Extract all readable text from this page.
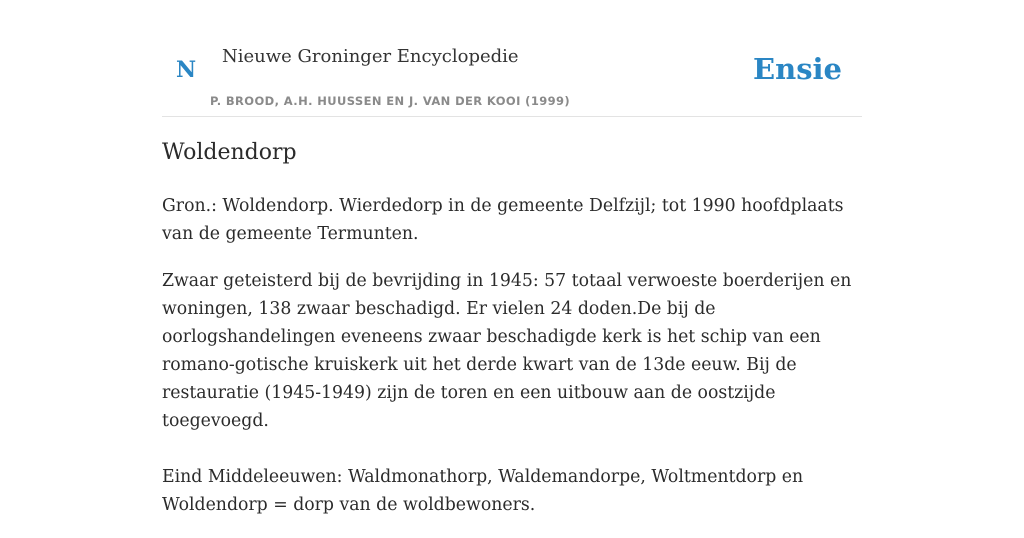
N
Nieuwe Groninger Encyclopedie
P. BROOD, A.H. HUUSSEN EN J. VAN DER KOOI (1999)
Ensie
Woldendorp

Gron.: Woldendorp. Wierdedorp in de gemeente Delfzijl; tot 1990 hoofdplaats van de gemeente Termunten.

Zwaar geteisterd bij de bevrijding in 1945: 57 totaal verwoeste boerderijen en woningen, 138 zwaar beschadigd. Er vielen 24 doden.De bij de oorlogshandelingen eveneens zwaar beschadigde kerk is het schip van een romano-gotische kruiskerk uit het derde kwart van de 13de eeuw. Bij de restauratie (1945-1949) zijn de toren en een uitbouw aan de oostzijde toegevoegd.

Eind Middeleeuwen: Waldmonathorp, Waldemandorpe, Woltmentdorp en Woldendorp = dorp van de woldbewoners.
